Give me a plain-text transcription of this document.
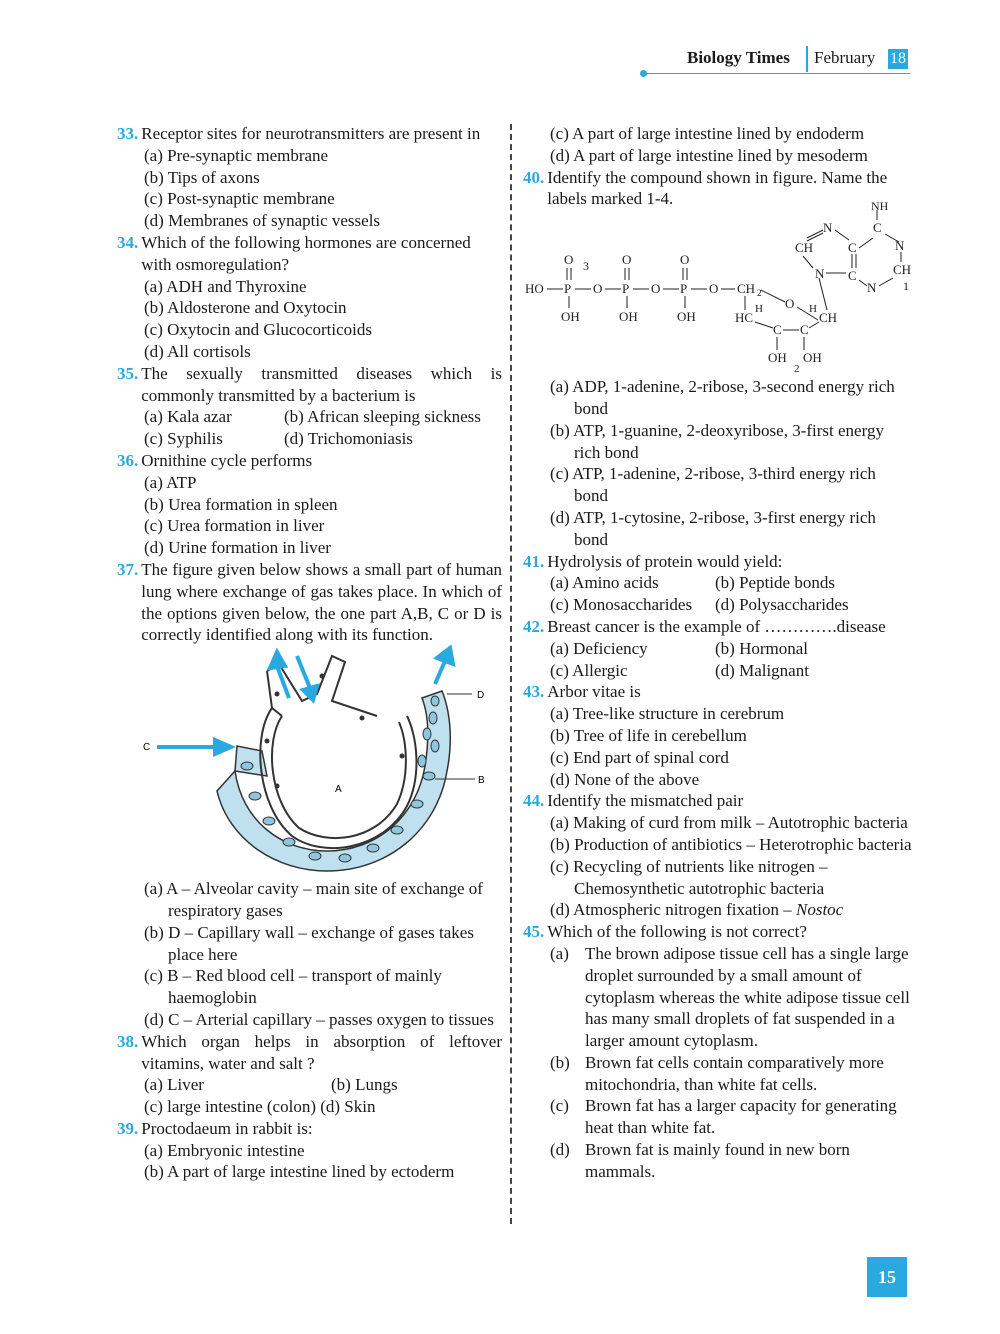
Biology Times February 18
33. Receptor sites for neurotransmitters are present in
(a) Pre-synaptic membrane
(b) Tips of axons
(c) Post-synaptic membrane
(d) Membranes of synaptic vessels
34. Which of the following hormones are concerned with osmoregulation?
(a) ADH and Thyroxine
(b) Aldosterone and Oxytocin
(c) Oxytocin and Glucocorticoids
(d) All cortisols
35. The sexually transmitted diseases which is commonly transmitted by a bacterium is
(a) Kala azar	(b) African sleeping sickness
(c) Syphilis	(d) Trichomoniasis
36. Ornithine cycle performs
(a) ATP
(b) Urea formation in spleen
(c) Urea formation in liver
(d) Urine formation in liver
37. The figure given below shows a small part of human lung where exchange of gas takes place. In which of the options given below, the one part A,B, C or D is correctly identified along with its function.
C
D
B
A
(a) A – Alveolar cavity – main site of exchange of respiratory gases
(b) D – Capillary wall – exchange of gases takes place here
(c) B – Red blood cell – transport of mainly haemoglobin
(d) C – Arterial capillary – passes oxygen to tissues
38. Which organ helps in absorption of leftover vitamins, water and salt ?
(a) Liver	(b) Lungs
(c) large intestine (colon) (d) Skin
39. Proctodaeum in rabbit is:
(a) Embryonic intestine
(b) A part of large intestine lined by ectoderm
(c) A part of large intestine lined by endoderm
(d) A part of large intestine lined by mesoderm
40. Identify the compound shown in figure. Name the labels marked 1-4.
HO P O P O P O CH 2
O	O	O
3
OH	OH	OH
O
HC	CH
H	H
C C
OH OH
2
N
CH
N
C
C
C
NH
N
CH
N 1
(a) ADP, 1-adenine, 2-ribose, 3-second energy rich bond
(b) ATP, 1-guanine, 2-deoxyribose, 3-first energy rich bond
(c) ATP, 1-adenine, 2-ribose, 3-third energy rich bond
(d) ATP, 1-cytosine, 2-ribose, 3-first energy rich bond
41. Hydrolysis of protein would yield:
(a) Amino acids	(b) Peptide bonds
(c) Monosaccharides	(d) Polysaccharides
42. Breast cancer is the example of ………….disease
(a) Deficiency	(b) Hormonal
(c) Allergic	(d) Malignant
43. Arbor vitae is
(a) Tree-like structure in cerebrum
(b) Tree of life in cerebellum
(c) End part of spinal cord
(d) None of the above
44. Identify the mismatched pair
(a) Making of curd from milk – Autotrophic bacteria
(b) Production of antibiotics – Heterotrophic bacteria
(c) Recycling of nutrients like nitrogen – Chemosynthetic autotrophic bacteria
(d) Atmospheric nitrogen fixation – Nostoc
45. Which of the following is not correct?
(a) The brown adipose tissue cell has a single large droplet surrounded by a small amount of cytoplasm whereas the white adipose tissue cell has many small droplets of fat suspended in a larger amount cytoplasm.
(b) Brown fat cells contain comparatively more mitochondria, than white fat cells.
(c) Brown fat has a larger capacity for generating heat than white fat.
(d) Brown fat is mainly found in new born mammals.
15
